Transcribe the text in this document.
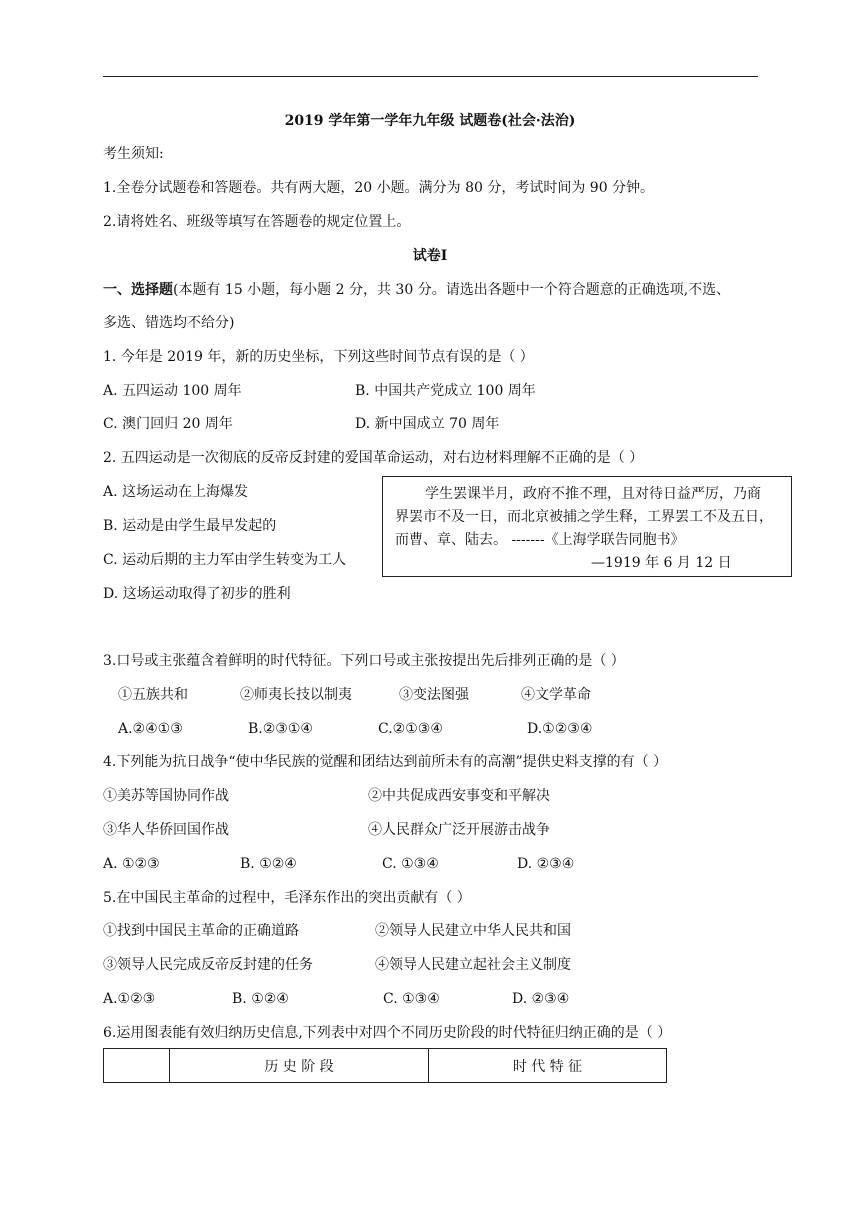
2019 学年第一学年九年级 试题卷(社会·法治)
考生须知:
1.全卷分试题卷和答题卷。共有两大题，20 小题。满分为 80 分，考试时间为 90 分钟。
2.请将姓名、班级等填写在答题卷的规定位置上。
试卷Ⅰ
一、选择题(本题有 15 小题，每小题 2 分，共 30 分。请选出各题中一个符合题意的正确选项,不选、
多选、错选均不给分)
1. 今年是 2019 年，新的历史坐标，下列这些时间节点有误的是（ ）
A. 五四运动 100 周年	B. 中国共产党成立 100 周年
C. 澳门回归 20 周年	D. 新中国成立 70 周年
2. 五四运动是一次彻底的反帝反封建的爱国革命运动，对右边材料理解不正确的是（ ）
A. 这场运动在上海爆发
B. 运动是由学生最早发起的
C. 运动后期的主力军由学生转变为工人
D. 这场运动取得了初步的胜利
学生罢课半月，政府不推不理，且对待日益严厉，乃商
界罢市不及一日，而北京被捕之学生释，工界罢工不及五日，
而曹、章、陆去。 -------《上海学联告同胞书》
—1919 年 6 月 12 日
3.口号或主张蕴含着鲜明的时代特征。下列口号或主张按提出先后排列正确的是（ ）
①五族共和	②师夷长技以制夷	③变法图强	④文学革命
A.②④①③	B.②③①④	C.②①③④	D.①②③④
4.下列能为抗日战争“使中华民族的觉醒和团结达到前所未有的高潮”提供史料支撑的有（ ）
①美苏等国协同作战	②中共促成西安事变和平解决
③华人华侨回国作战	④人民群众广泛开展游击战争
A. ①②③	B. ①②④	C. ①③④	D. ②③④
5.在中国民主革命的过程中，毛泽东作出的突出贡献有（ ）
①找到中国民主革命的正确道路	②领导人民建立中华人民共和国
③领导人民完成反帝反封建的任务	④领导人民建立起社会主义制度
A.①②③	B. ①②④	C. ①③④	D. ②③④
6.运用图表能有效归纳历史信息,下列表中对四个不同历史阶段的时代特征归纳正确的是（ ）
	历 史 阶 段	时 代 特 征
